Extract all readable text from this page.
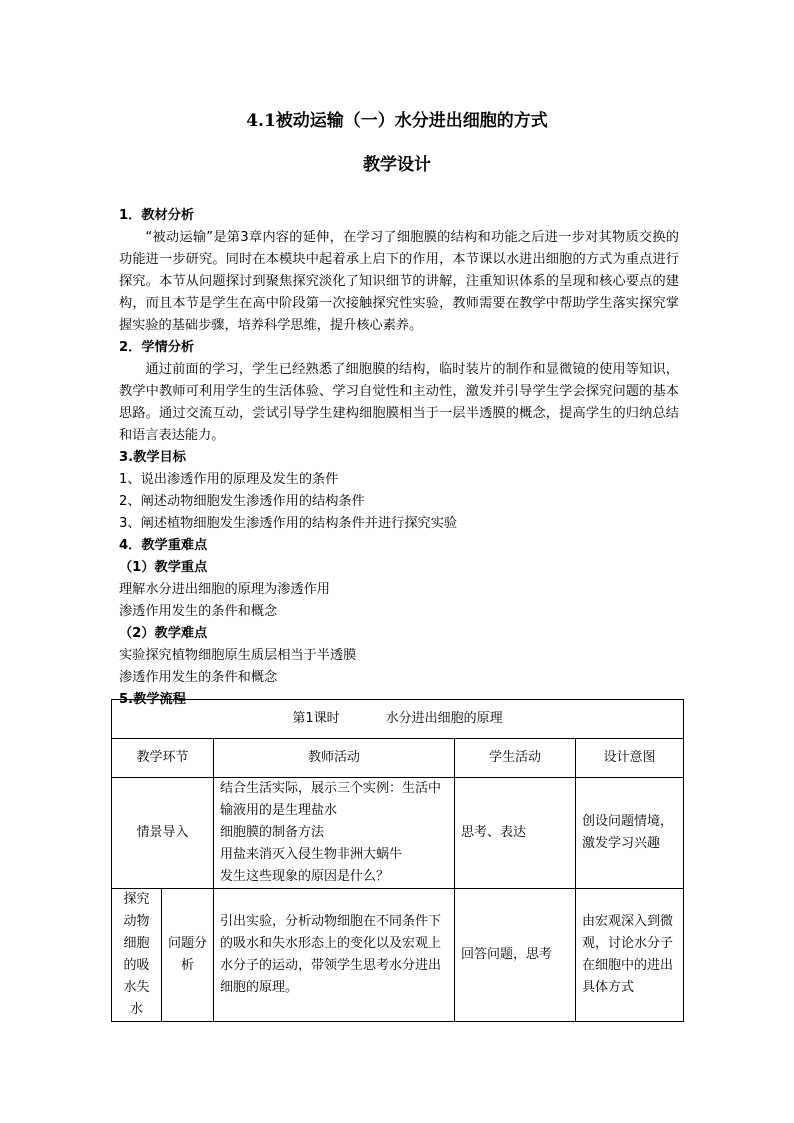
4.1被动运输（一）水分进出细胞的方式
教学设计

1．教材分析

“被动运输”是第3章内容的延伸，在学习了细胞膜的结构和功能之后进一步对其物质交换的功能进一步研究。同时在本模块中起着承上启下的作用，本节课以水进出细胞的方式为重点进行探究。本节从问题探讨到聚焦探究淡化了知识细节的讲解，注重知识体系的呈现和核心要点的建构，而且本节是学生在高中阶段第一次接触探究性实验，教师需要在教学中帮助学生落实探究掌握实验的基础步骤，培养科学思维，提升核心素养。

2．学情分析

通过前面的学习，学生已经熟悉了细胞膜的结构，临时装片的制作和显微镜的使用等知识，教学中教师可利用学生的生活体验、学习自觉性和主动性，激发并引导学生学会探究问题的基本思路。通过交流互动，尝试引导学生建构细胞膜相当于一层半透膜的概念，提高学生的归纳总结和语言表达能力。

3.教学目标

1、说出渗透作用的原理及发生的条件

2、阐述动物细胞发生渗透作用的结构条件

3、阐述植物细胞发生渗透作用的结构条件并进行探究实验

4．教学重难点

（1）教学重点

理解水分进出细胞的原理为渗透作用

渗透作用发生的条件和概念

（2）教学难点

实验探究植物细胞原生质层相当于半透膜

渗透作用发生的条件和概念

5.教学流程

第1课时 水分进出细胞的原理				
教学环节		教师活动	学生活动	设计意图
情景导入		结合生活实际，展示三个实例：生活中输液用的是生理盐水
细胞膜的制备方法
用盐来消灭入侵生物非洲大蜗牛
发生这些现象的原因是什么？	思考、表达	创设问题情境，激发学习兴趣
探究动物细胞的吸水失水	问题分析	引出实验，分析动物细胞在不同条件下的吸水和失水形态上的变化以及宏观上水分子的运动，带领学生思考水分进出细胞的原理。	回答问题，思考	由宏观深入到微观，讨论水分子在细胞中的进出具体方式
